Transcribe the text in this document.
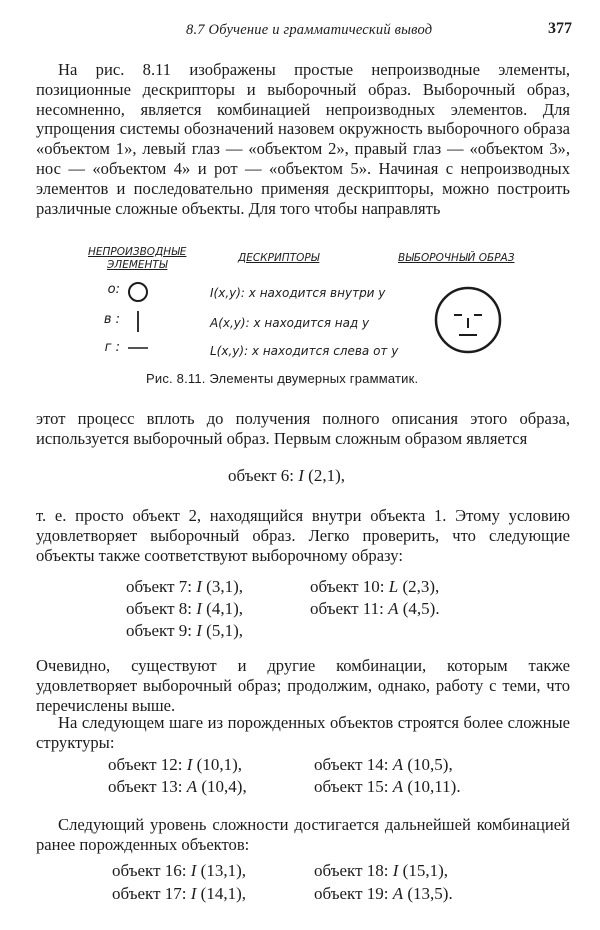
8.7 Обучение и грамматический вывод	377

На рис. 8.11 изображены простые непроизводные элементы, позиционные дескрипторы и выборочный образ. Выборочный образ, несомненно, является комбинацией непроизводных элементов. Для упрощения системы обозначений назовем окружность выборочного образа «объектом 1», левый глаз — «объектом 2», правый глаз — «объектом 3», нос — «объектом 4» и рот — «объектом 5». Начиная с непроизводных элементов и последовательно применяя дескрипторы, можно построить различные сложные объекты. Для того чтобы направлять

НЕПРОИЗВОДНЫЕ
ЭЛЕМЕНТЫ
ДЕСКРИПТОРЫ	ВЫБОРОЧНЫЙ ОБРАЗ
o:
в :
г :
I(x,y): x находится внутри y
A(x,y): x находится над y
L(x,y): x находится слева от y
Рис. 8.11. Элементы двумерных грамматик.

этот процесс вплоть до получения полного описания этого образа, используется выборочный образ. Первым сложным образом является

объект 6: I (2,1),

т. е. просто объект 2, находящийся внутри объекта 1. Этому условию удовлетворяет выборочный образ. Легко проверить, что следующие объекты также соответствуют выборочному образу:

объект 7: I (3,1),	объект 10: L (2,3),
объект 8: I (4,1),	объект 11: A (4,5).
объект 9: I (5,1),

Очевидно, существуют и другие комбинации, которым также удовлетворяет выборочный образ; продолжим, однако, работу с теми, что перечислены выше.

На следующем шаге из порожденных объектов строятся более сложные структуры:

объект 12: I (10,1),	объект 14: A (10,5),
объект 13: A (10,4),	объект 15: A (10,11).

Следующий уровень сложности достигается дальнейшей комбинацией ранее порожденных объектов:

объект 16: I (13,1),	объект 18: I (15,1),
объект 17: I (14,1),	объект 19: A (13,5).
